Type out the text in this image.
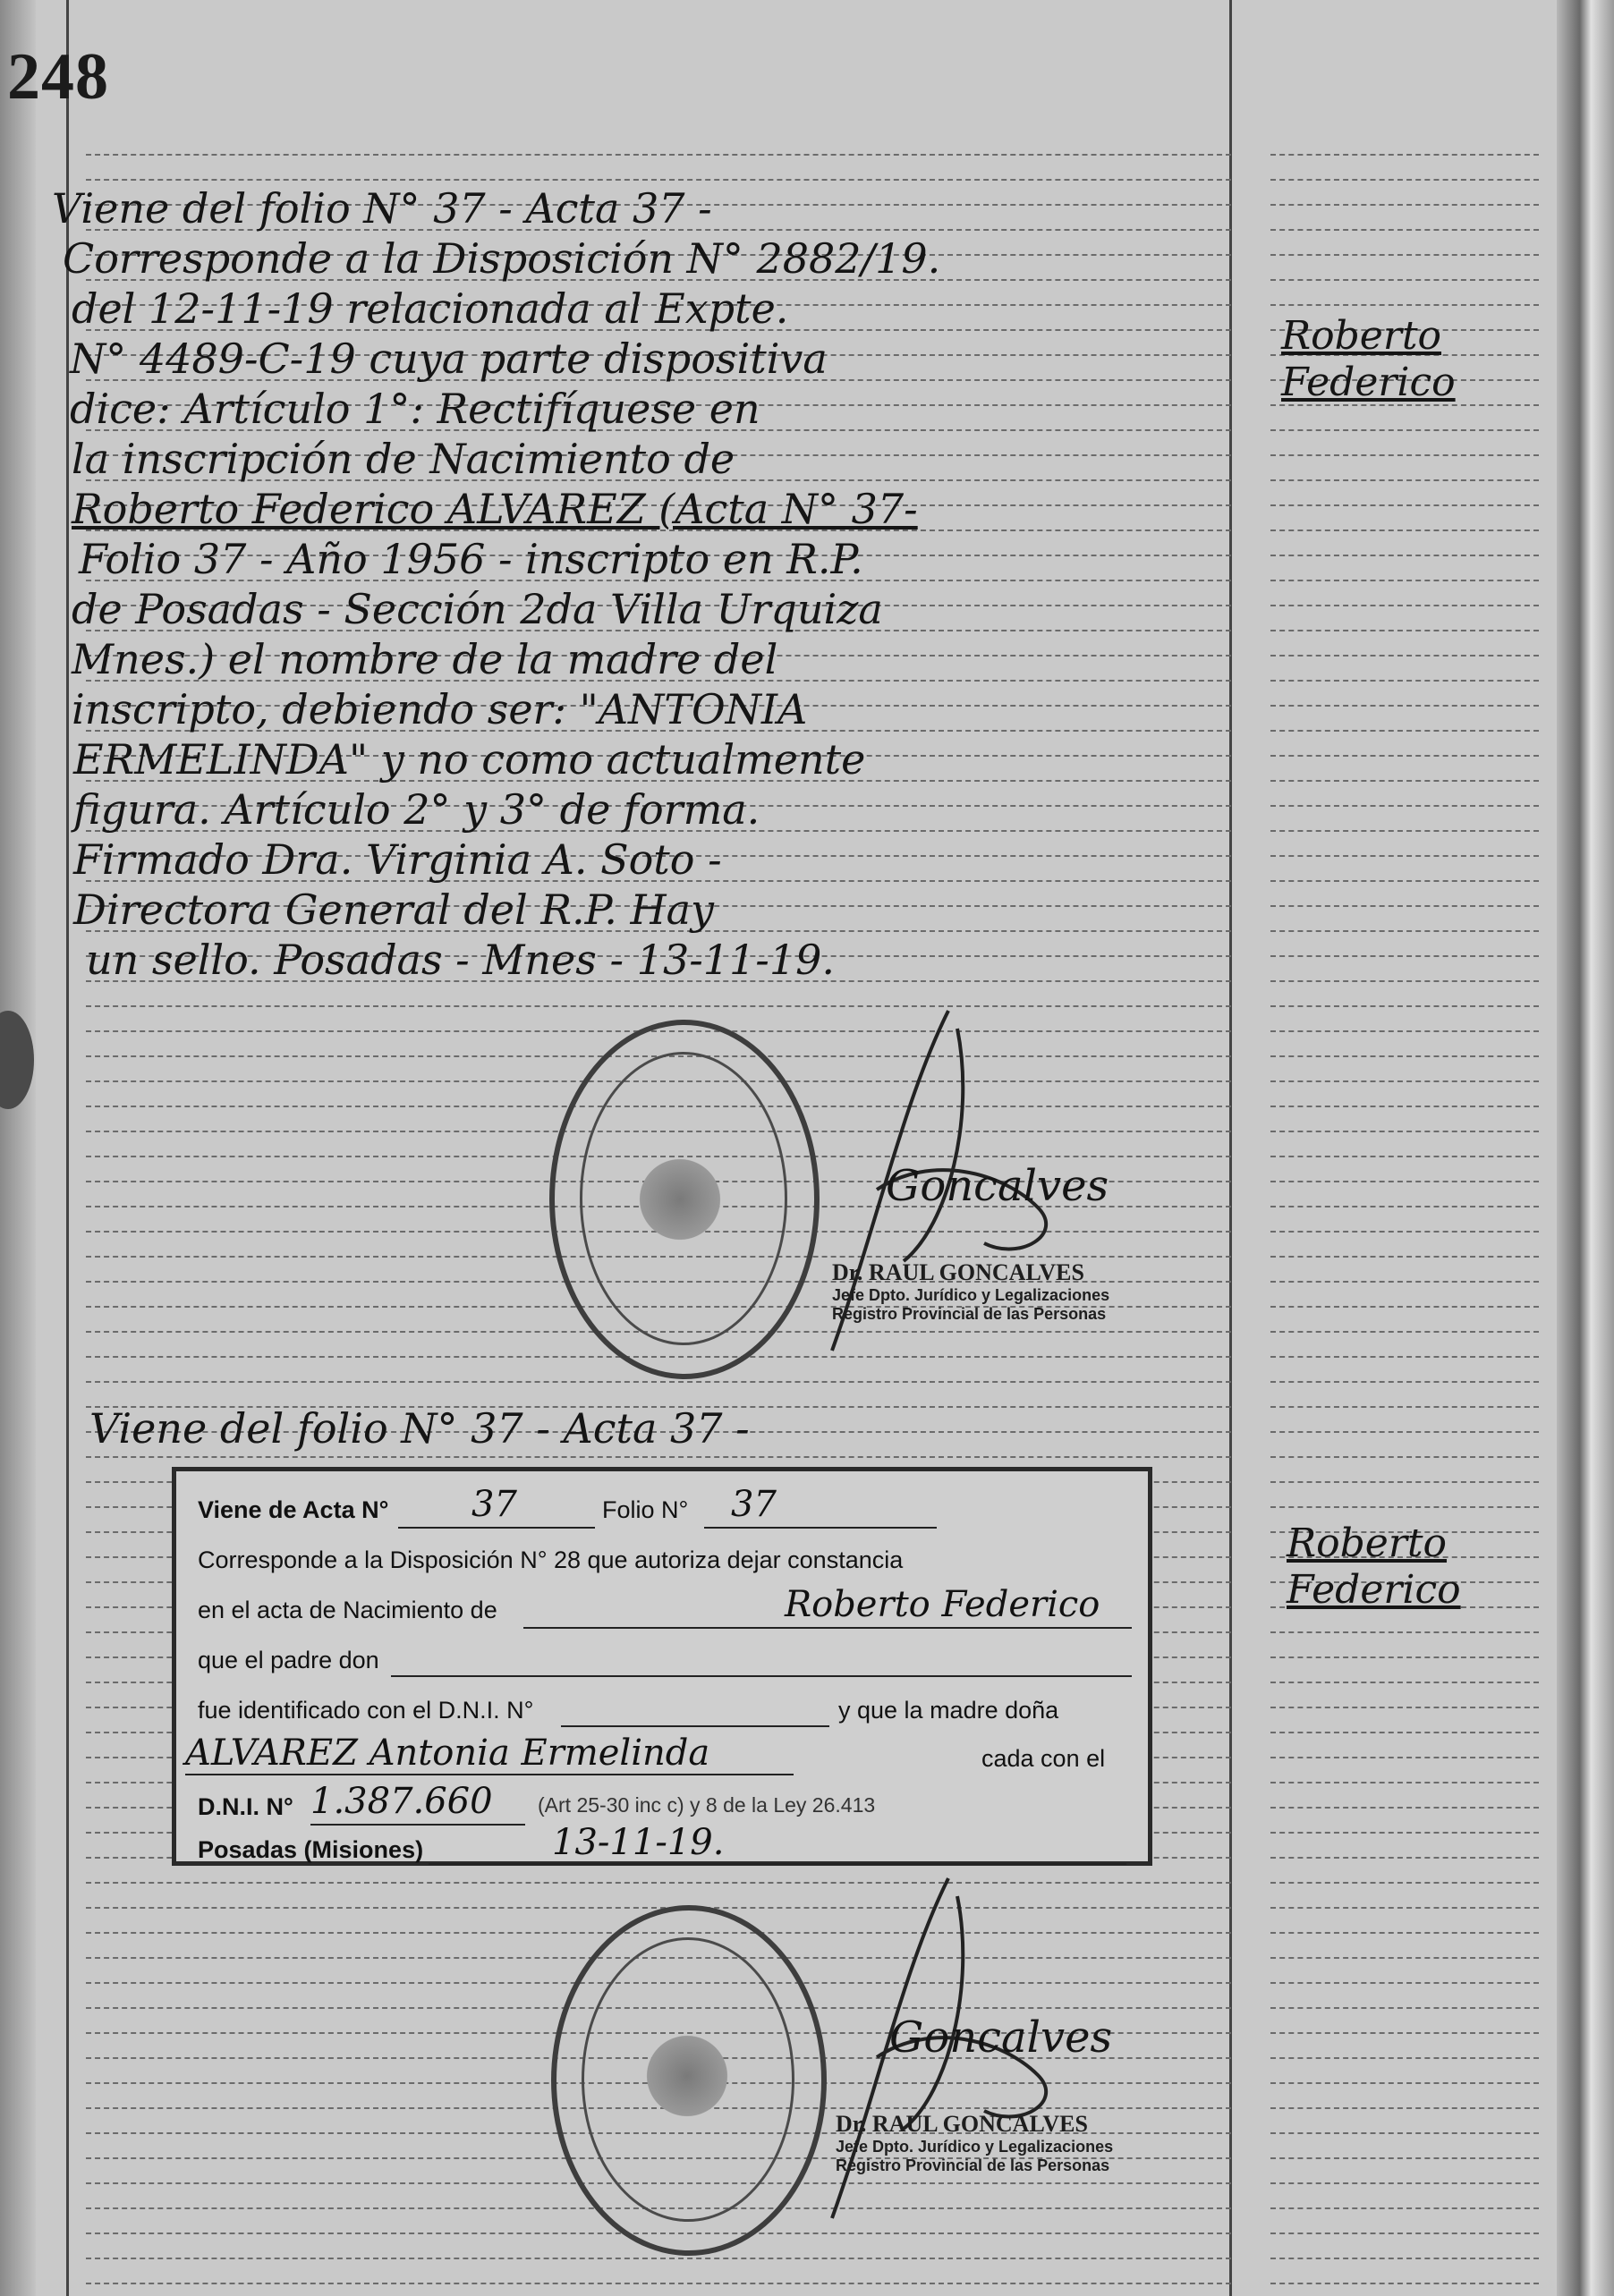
248
Viene del folio N° 37 - Acta 37 -
Corresponde a la Disposición N° 2882/19.
del 12-11-19 relacionada al Expte.
N° 4489-C-19 cuya parte dispositiva
dice: Artículo 1°: Rectifíquese en
la inscripción de Nacimiento de
Roberto Federico ALVAREZ (Acta N° 37-
Folio 37 - Año 1956 - inscripto en R.P.
de Posadas - Sección 2da Villa Urquiza
Mnes.) el nombre de la madre del
inscripto, debiendo ser: "ANTONIA
ERMELINDA" y no como actualmente
figura. Artículo 2° y 3° de forma.
Firmado Dra. Virginia A. Soto -
Directora General del R.P. Hay
un sello. Posadas - Mnes - 13-11-19.
Roberto
Federico
Goncalves
Dr. RAUL GONCALVES
Jefe Dpto. Jurídico y Legalizaciones
Registro Provincial de las Personas
Viene del folio N° 37 - Acta 37 -
Roberto
Federico
Viene de Acta N° 37	Folio N° 37
Corresponde a la Disposición N° 28 que autoriza dejar constancia
en el acta de Nacimiento de	Roberto Federico
que el padre don
fue identificado con el D.N.I. N°	y que la madre doña
ALVAREZ Antonia Ermelinda	cada con el
D.N.I. N° 1.387.660 (Art 25-30 inc c) y 8 de la Ley 26.413
Posadas (Misiones)	13-11-19.
Goncalves
Dr. RAUL GONCALVES
Jefe Dpto. Jurídico y Legalizaciones
Registro Provincial de las Personas
